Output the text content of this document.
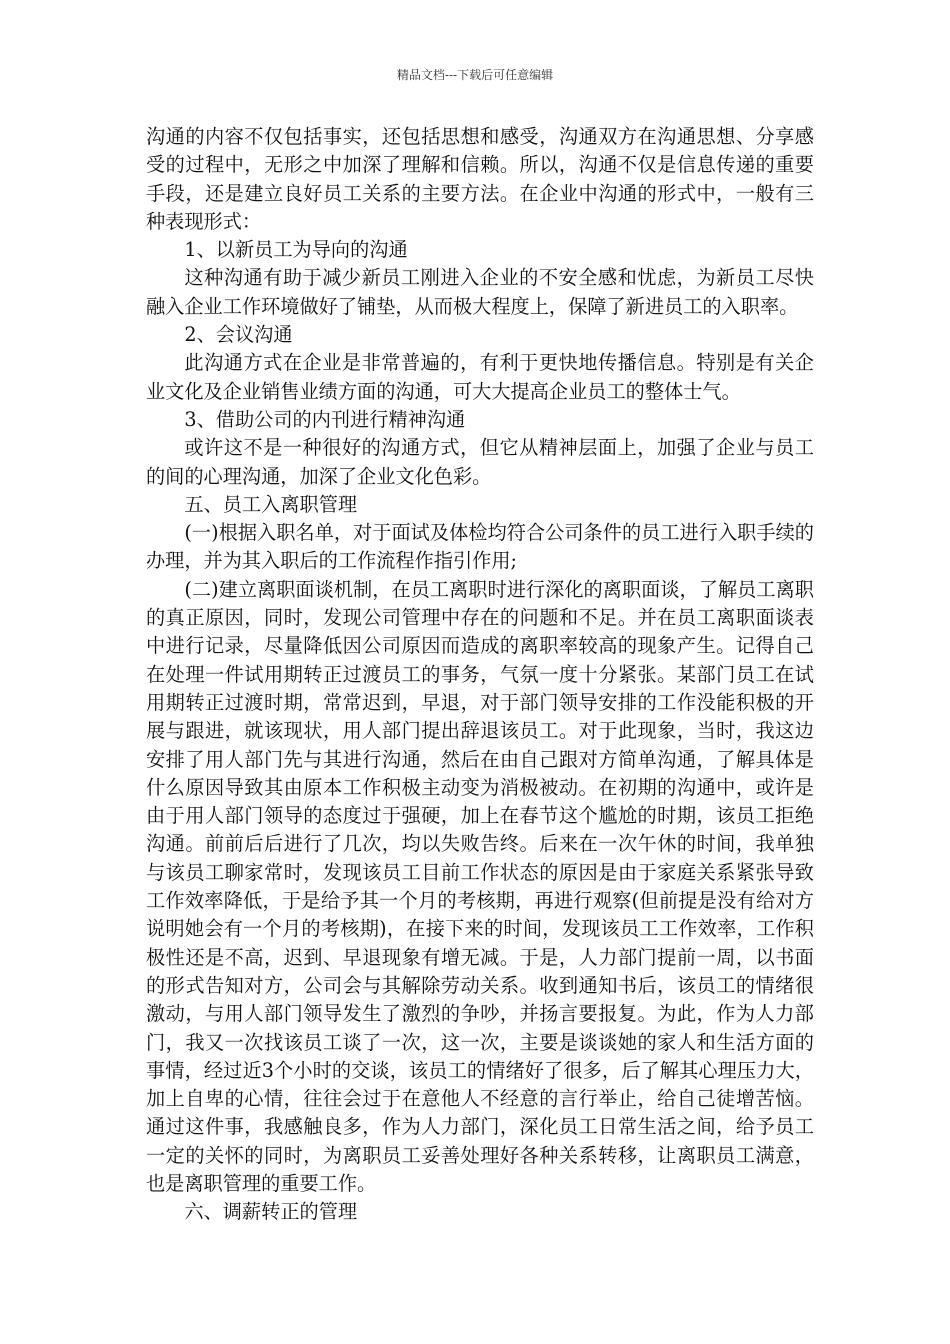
精品文档---下载后可任意编辑

沟通的内容不仅包括事实，还包括思想和感受，沟通双方在沟通思想、分享感受的过程中，无形之中加深了理解和信赖。所以，沟通不仅是信息传递的重要手段，还是建立良好员工关系的主要方法。在企业中沟通的形式中，一般有三种表现形式：

1、以新员工为导向的沟通

这种沟通有助于减少新员工刚进入企业的不安全感和忧虑，为新员工尽快融入企业工作环境做好了铺垫，从而极大程度上，保障了新进员工的入职率。

2、会议沟通

此沟通方式在企业是非常普遍的，有利于更快地传播信息。特别是有关企业文化及企业销售业绩方面的沟通，可大大提高企业员工的整体士气。

3、借助公司的内刊进行精神沟通

或许这不是一种很好的沟通方式，但它从精神层面上，加强了企业与员工的间的心理沟通，加深了企业文化色彩。

五、员工入离职管理

(一)根据入职名单，对于面试及体检均符合公司条件的员工进行入职手续的办理，并为其入职后的工作流程作指引作用;

(二)建立离职面谈机制，在员工离职时进行深化的离职面谈，了解员工离职的真正原因，同时，发现公司管理中存在的问题和不足。并在员工离职面谈表中进行记录，尽量降低因公司原因而造成的离职率较高的现象产生。记得自己在处理一件试用期转正过渡员工的事务，气氛一度十分紧张。某部门员工在试用期转正过渡时期，常常迟到，早退，对于部门领导安排的工作没能积极的开展与跟进，就该现状，用人部门提出辞退该员工。对于此现象，当时，我这边安排了用人部门先与其进行沟通，然后在由自己跟对方简单沟通，了解具体是什么原因导致其由原本工作积极主动变为消极被动。在初期的沟通中，或许是由于用人部门领导的态度过于强硬，加上在春节这个尴尬的时期，该员工拒绝沟通。前前后后进行了几次，均以失败告终。后来在一次午休的时间，我单独与该员工聊家常时，发现该员工目前工作状态的原因是由于家庭关系紧张导致工作效率降低，于是给予其一个月的考核期，再进行观察(但前提是没有给对方说明她会有一个月的考核期)，在接下来的时间，发现该员工工作效率，工作积极性还是不高，迟到、早退现象有增无减。于是，人力部门提前一周，以书面的形式告知对方，公司会与其解除劳动关系。收到通知书后，该员工的情绪很激动，与用人部门领导发生了激烈的争吵，并扬言要报复。为此，作为人力部门，我又一次找该员工谈了一次，这一次，主要是谈谈她的家人和生活方面的事情，经过近3个小时的交谈，该员工的情绪好了很多，后了解其心理压力大，加上自卑的心情，往往会过于在意他人不经意的言行举止，给自己徒增苦恼。通过这件事，我感触良多，作为人力部门，深化员工日常生活之间，给予员工一定的关怀的同时，为离职员工妥善处理好各种关系转移，让离职员工满意，也是离职管理的重要工作。

六、调薪转正的管理
